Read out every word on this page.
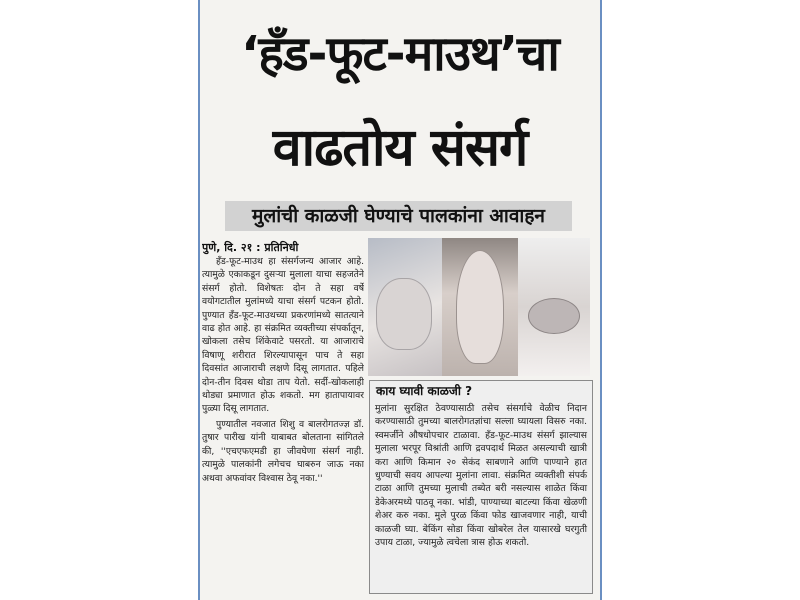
‘हँड-फूट-माउथ’चा
वाढतोय संसर्ग
मुलांची काळजी घेण्याचे पालकांना आवाहन
पुणे, दि. २१ : प्रतिनिधी

हँड-फूट-माउथ हा संसर्गजन्य आजार आहे. त्यामुळे एकाकडून दुसऱ्या मुलाला याचा सहजतेने संसर्ग होतो. विशेषतः दोन ते सहा वर्षे वयोगटातील मुलांमध्ये याचा संसर्ग पटकन होतो. पुण्यात हँड-फूट-माउथच्या प्रकरणांमध्ये सातत्याने वाढ होत आहे. हा संक्रमित व्यक्तीच्या संपर्कातून, खोकला तसेच शिंकेवाटे पसरतो. या आजाराचे विषाणू शरीरात शिरल्यापासून पाच ते सहा दिवसांत आजाराची लक्षणे दिसू लागतात. पहिले दोन-तीन दिवस थोडा ताप येतो. सर्दी-खोकलाही थोड्या प्रमाणात होऊ शकतो. मग हातापायावर पुळ्या दिसू लागतात.

पुण्यातील नवजात शिशु व बालरोगतज्ज्ञ डॉ. तुषार पारीख यांनी याबाबत बोलताना सांगितले की, ''एचएफएमडी हा जीवघेणा संसर्ग नाही. त्यामुळे पालकांनी लगेचच घाबरुन जाऊ नका अथवा अफवांवर विश्वास ठेवू नका.''

काय घ्यावी काळजी ?
मुलांना सुरक्षित ठेवण्यासाठी तसेच संसर्गाचे वेळीच निदान करण्यासाठी तुमच्या बालरोगतज्ञांचा सल्ला घ्यायला विसरु नका. स्वमर्जीने औषधोपचार टाळावा. हँड-फूट-माउथ संसर्ग झाल्यास मुलाला भरपूर विश्रांती आणि द्रवपदार्थ मिळत असल्याची खात्री करा आणि किमान २० सेकंद साबणाने आणि पाण्याने हात धुण्याची सवय आपल्या मुलांना लावा. संक्रमित व्यक्तीशी संपर्क टाळा आणि तुमच्या मुलाची तब्येत बरी नसल्यास शाळेत किंवा डेकेअरमध्ये पाठवू नका. भांडी, पाण्याच्या बाटल्या किंवा खेळणी शेअर करु नका. मुले पुरळ किंवा फोड खाजवणार नाही, याची काळजी घ्या. बेकिंग सोडा किंवा खोबरेल तेल यासारखे घरगुती उपाय टाळा, ज्यामुळे त्वचेला त्रास होऊ शकतो.
